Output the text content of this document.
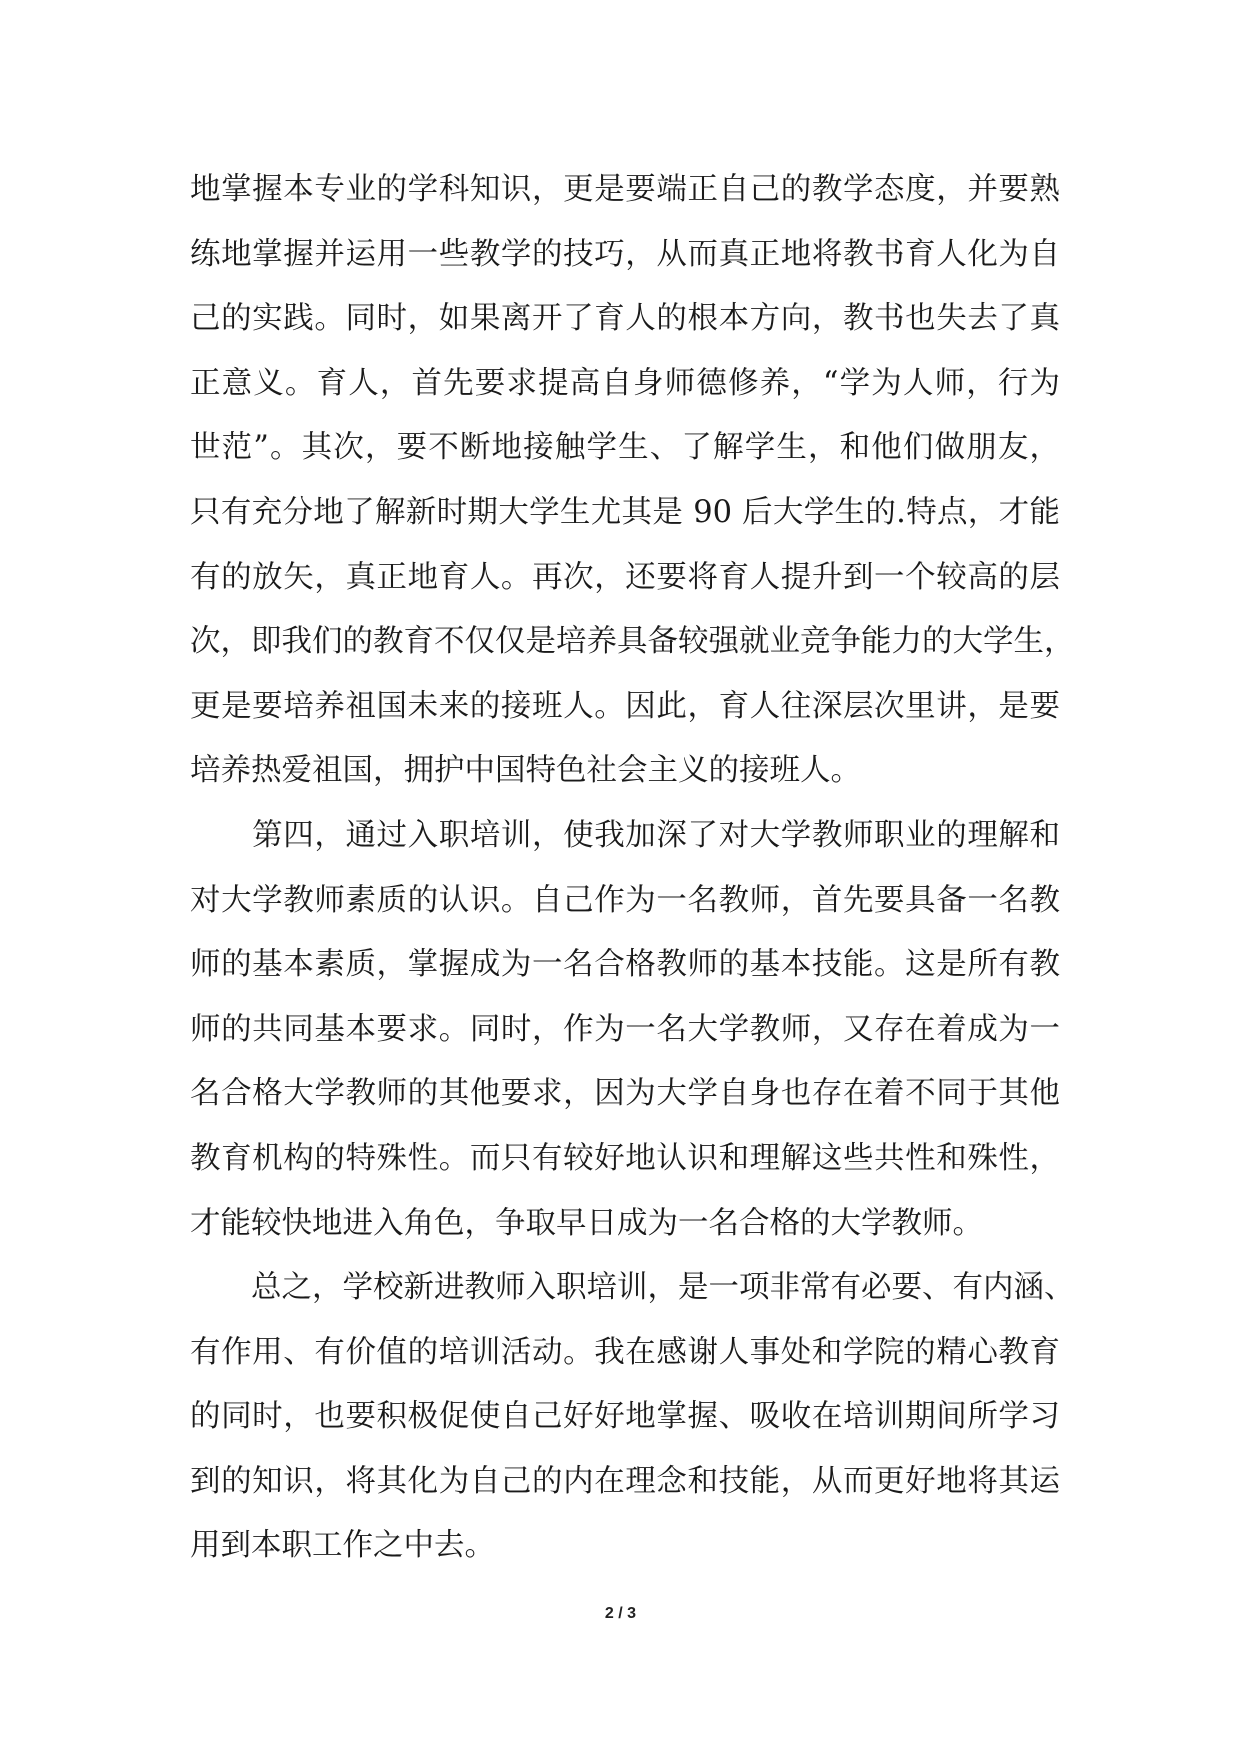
地掌握本专业的学科知识，更是要端正自己的教学态度，并要熟
练地掌握并运用一些教学的技巧，从而真正地将教书育人化为自
己的实践。同时，如果离开了育人的根本方向，教书也失去了真
正意义。育人，首先要求提高自身师德修养，“学为人师，行为
世范”。其次，要不断地接触学生、了解学生，和他们做朋友，
只有充分地了解新时期大学生尤其是 90 后大学生的.特点，才能
有的放矢，真正地育人。再次，还要将育人提升到一个较高的层
次，即我们的教育不仅仅是培养具备较强就业竞争能力的大学生，
更是要培养祖国未来的接班人。因此，育人往深层次里讲，是要
培养热爱祖国，拥护中国特色社会主义的接班人。
　　第四，通过入职培训，使我加深了对大学教师职业的理解和
对大学教师素质的认识。自己作为一名教师，首先要具备一名教
师的基本素质，掌握成为一名合格教师的基本技能。这是所有教
师的共同基本要求。同时，作为一名大学教师，又存在着成为一
名合格大学教师的其他要求，因为大学自身也存在着不同于其他
教育机构的特殊性。而只有较好地认识和理解这些共性和殊性，
才能较快地进入角色，争取早日成为一名合格的大学教师。
　　总之，学校新进教师入职培训，是一项非常有必要、有内涵、
有作用、有价值的培训活动。我在感谢人事处和学院的精心教育
的同时，也要积极促使自己好好地掌握、吸收在培训期间所学习
到的知识，将其化为自己的内在理念和技能，从而更好地将其运
用到本职工作之中去。
2 / 3
